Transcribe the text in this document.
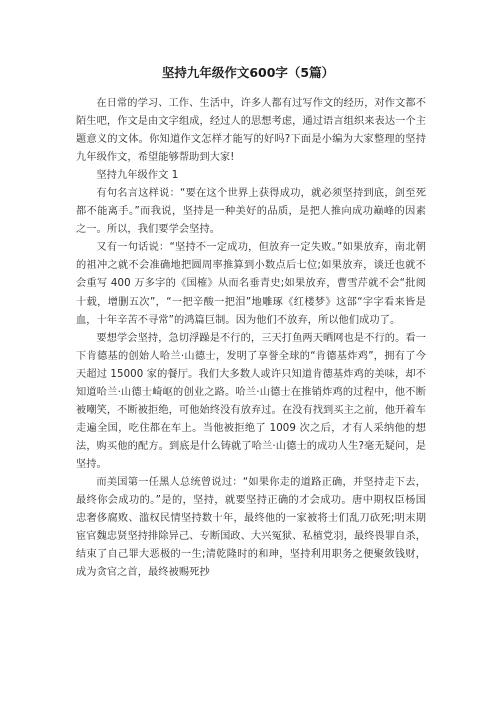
坚持九年级作文600字（5篇）

在日常的学习、工作、生活中，许多人都有过写作文的经历，对作文都不陌生吧，作文是由文字组成，经过人的思想考虑，通过语言组织来表达一个主题意义的文体。你知道作文怎样才能写的好吗?下面是小编为大家整理的坚持九年级作文，希望能够帮助到大家!

坚持九年级作文 1

有句名言这样说：“要在这个世界上获得成功，就必须坚持到底，剑至死都不能离手。”而我说，坚持是一种美好的品质，是把人推向成功巅峰的因素之一。所以，我们要学会坚持。

又有一句话说：“坚持不一定成功，但放弃一定失败。”如果放弃，南北朝的祖冲之就不会准确地把圆周率推算到小数点后七位;如果放弃，谈迁也就不会重写 400 万多字的《国榷》从而名垂青史;如果放弃，曹雪芹就不会“批阅十载，增删五次”，“一把辛酸一把泪”地雕琢《红楼梦》这部“字字看来皆是血，十年辛苦不寻常”的鸿篇巨制。因为他们不放弃，所以他们成功了。

要想学会坚持，急切浮躁是不行的，三天打鱼两天晒网也是不行的。看一下肯德基的创始人哈兰·山德士，发明了享誉全球的“肯德基炸鸡”，拥有了今天超过 15000 家的餐厅。我们大多数人或许只知道肯德基炸鸡的美味，却不知道哈兰·山德士崎岖的创业之路。哈兰·山德士在推销炸鸡的过程中，他不断被嘲笑，不断被拒绝，可他始终没有放弃过。在没有找到买主之前，他开着车走遍全国，吃住都在车上。当他被拒绝了 1009 次之后，才有人采纳他的想法，购买他的配方。到底是什么铸就了哈兰·山德士的成功人生?毫无疑问，是坚持。

而美国第一任黑人总统曾说过：“如果你走的道路正确，并坚持走下去，最终你会成功的。”是的，坚持，就要坚持正确的才会成功。唐中期权臣杨国忠奢侈腐败、滥权民情坚持数十年，最终他的一家被将士们乱刀砍死;明末期宦官魏忠贤坚持排除异己、专断国政、大兴冤狱、私植党羽，最终畏罪自杀，结束了自己罪大恶极的一生;清乾隆时的和珅，坚持利用职务之便聚敛钱财，成为贪官之首，最终被赐死抄
